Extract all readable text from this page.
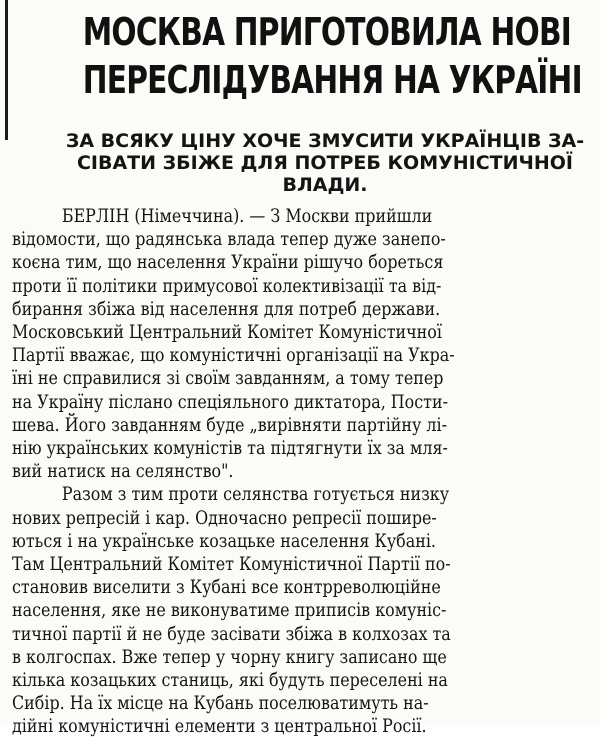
МОСКВА ПРИГОТОВИЛА НОВІ
ПЕРЕСЛІДУВАННЯ НА УКРАЇНІ
ЗА ВСЯКУ ЦІНУ ХОЧЕ ЗМУСИТИ УКРАЇНЦІВ ЗА-
СІВАТИ ЗБІЖЕ ДЛЯ ПОТРЕБ КОМУНІСТИЧНОЇ
ВЛАДИ.
БЕРЛІН (Німеччина). — З Москви прийшли
відомости, що радянська влада тепер дуже занепо-
коєна тим, що населення України рішучо бореться
проти її політики примусової колективізації та від-
бирання збіжа від населення для потреб держави.
Московський Центральний Комітет Комуністичної
Партії вважає, що комуністичні організації на Укра-
їні не справилися зі своїм завданням, а тому тепер
на Україну післано спеціяльного диктатора, Пости-
шева. Його завданням буде „вирівняти партійну лі-
нію українських комуністів та підтягнути їх за мля-
вий натиск на селянство".
Разом з тим проти селянства готується низку
нових репресій і кар. Одночасно репресії пошире-
ються і на українське козацьке населення Кубані.
Там Центральний Комітет Комуністичної Партії по-
становив виселити з Кубані все контрреволюційне
населення, яке не виконуватиме приписів комуніс-
тичної партії й не буде засівати збіжа в колхозах та
в колгоспах. Вже тепер у чорну книгу записано ще
кілька козацьких станиць, які будуть переселені на
Сибір. На їх місце на Кубань поселюватимуть на-
дійні комуністичні елементи з центральної Росії.
